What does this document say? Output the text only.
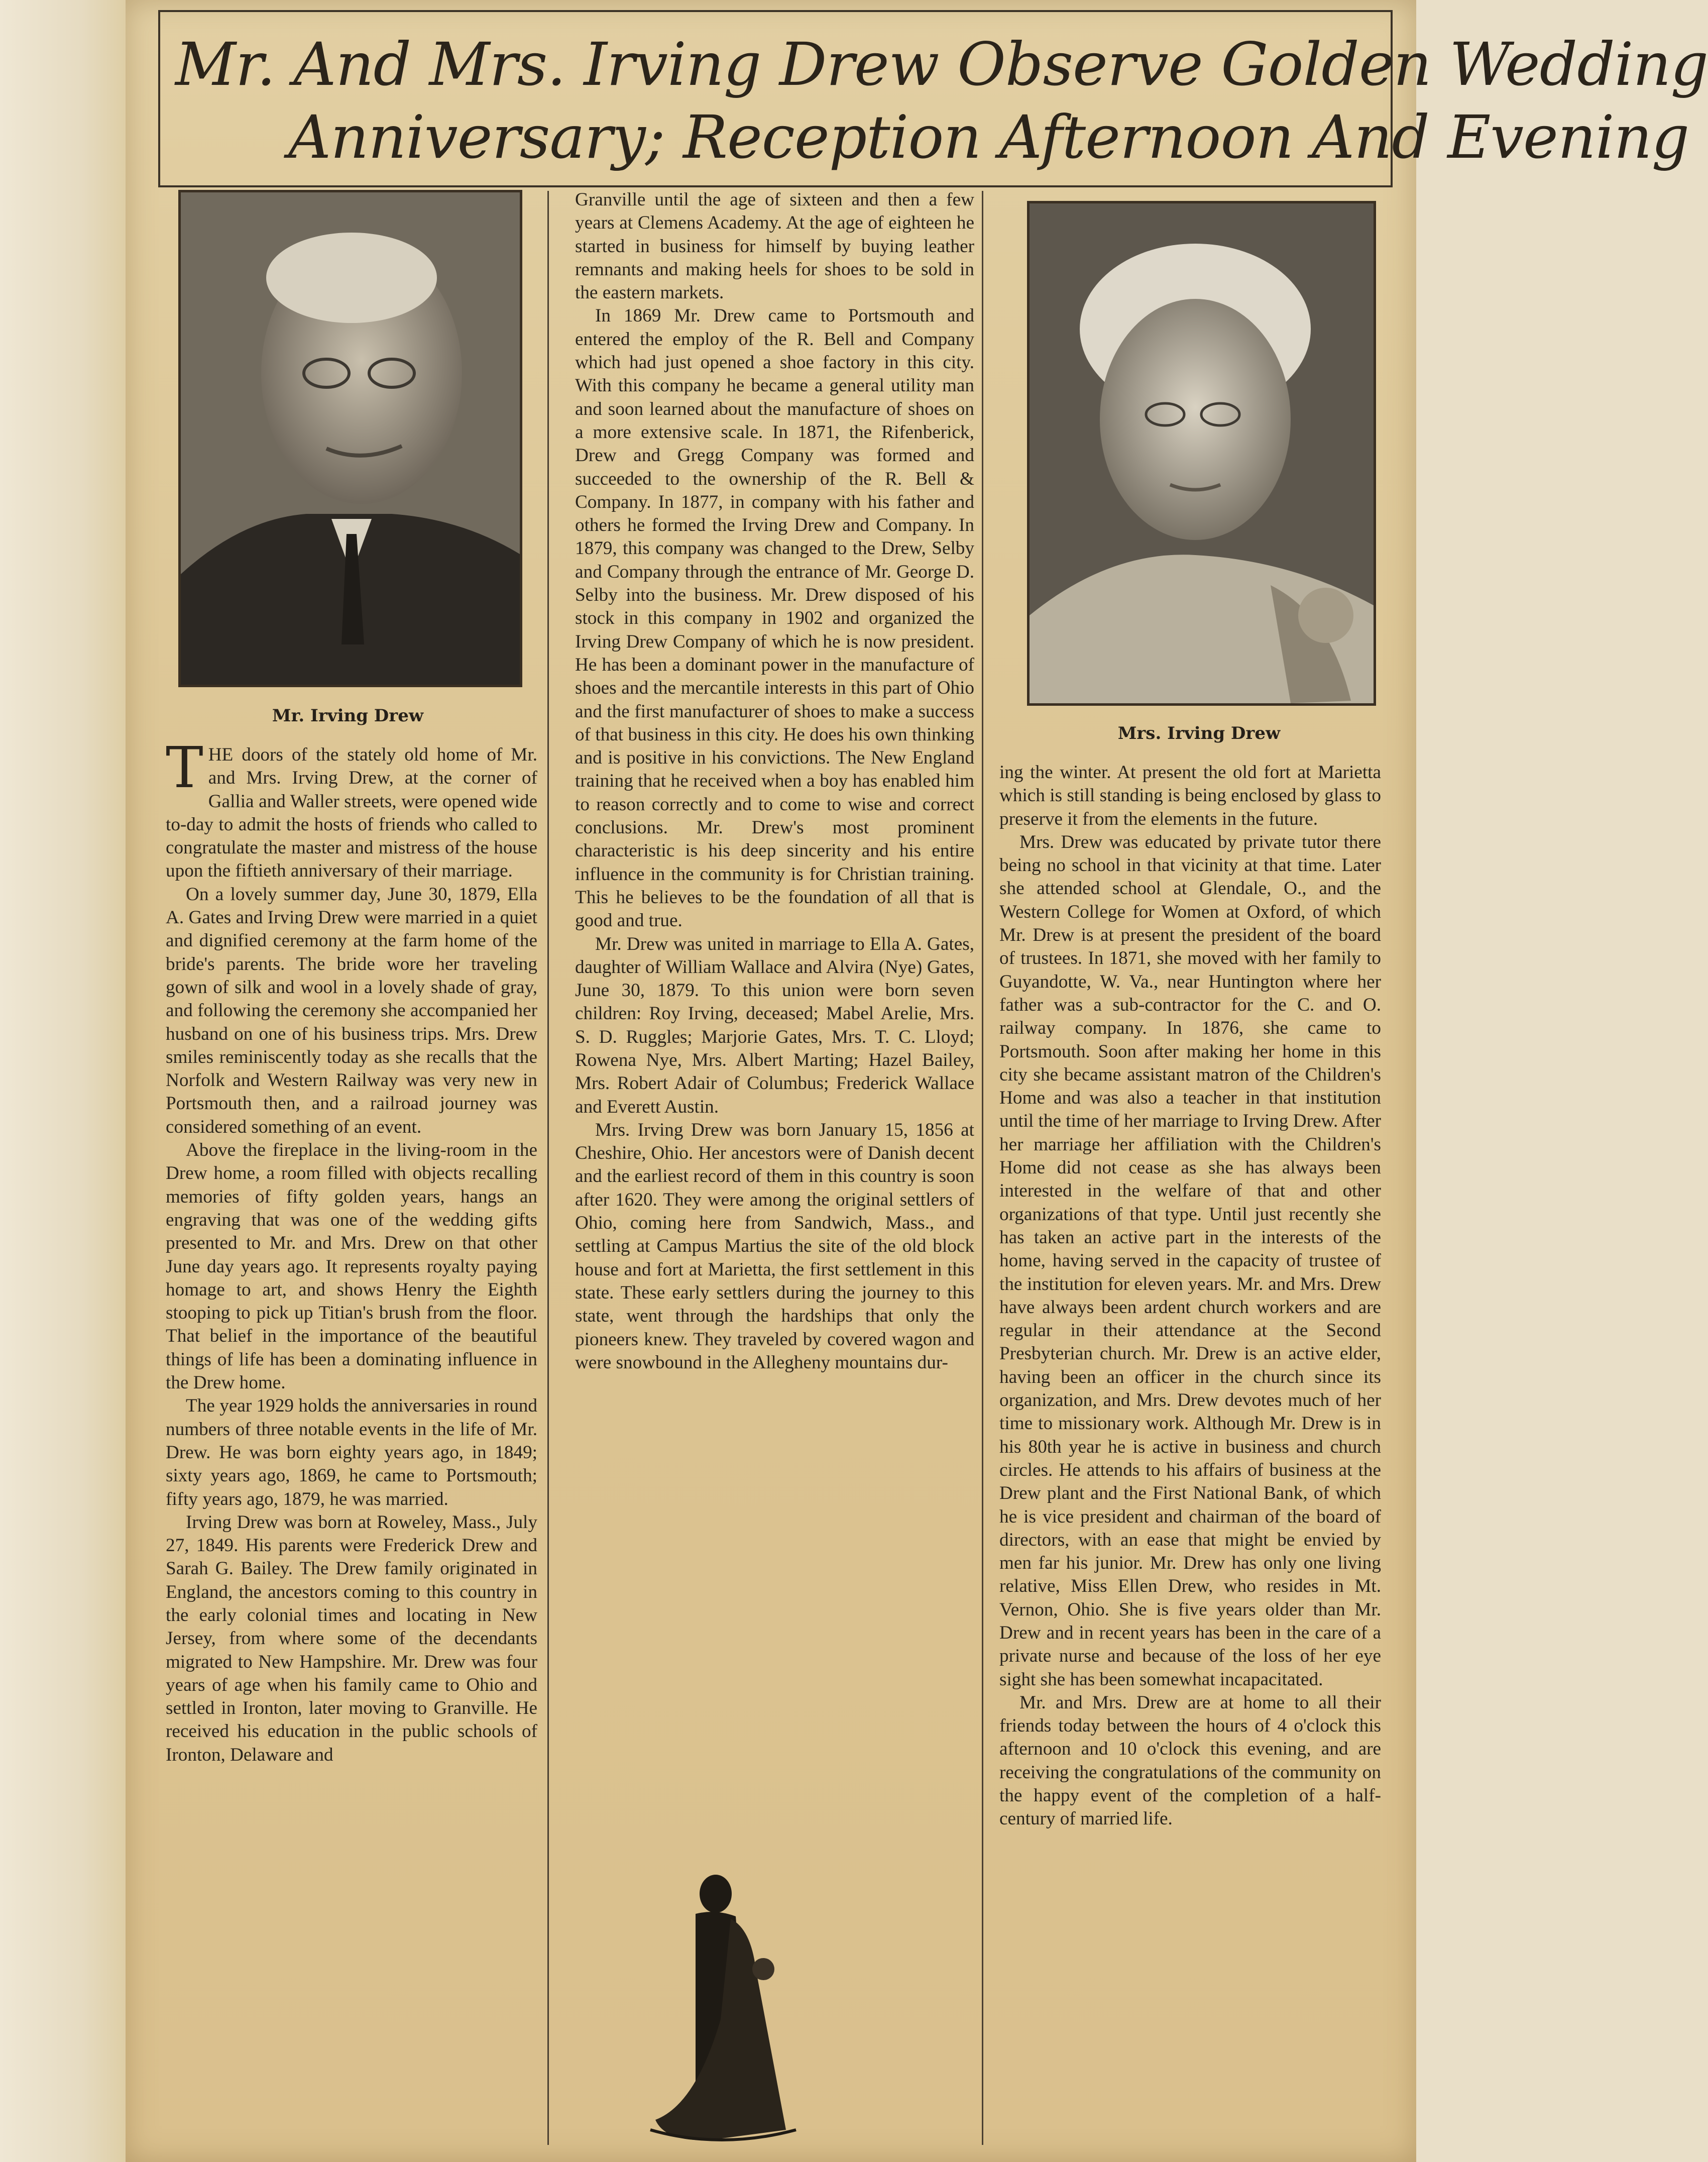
Mr. And Mrs. Irving Drew Observe Golden Wedding
Anniversary; Reception Afternoon And Evening
Mr. Irving Drew
Mrs. Irving Drew

THE doors of the stately old home of Mr. and Mrs. Irving Drew, at the corner of Gallia and Waller streets, were opened wide to-day to admit the hosts of friends who called to congratulate the master and mistress of the house upon the fiftieth anniversary of their marriage.

On a lovely summer day, June 30, 1879, Ella A. Gates and Irving Drew were married in a quiet and dignified ceremony at the farm home of the bride's parents. The bride wore her traveling gown of silk and wool in a lovely shade of gray, and following the ceremony she accompanied her husband on one of his business trips. Mrs. Drew smiles reminiscently today as she recalls that the Norfolk and Western Railway was very new in Portsmouth then, and a railroad journey was considered something of an event.

Above the fireplace in the living-room in the Drew home, a room filled with objects recalling memories of fifty golden years, hangs an engraving that was one of the wedding gifts presented to Mr. and Mrs. Drew on that other June day years ago. It represents royalty paying homage to art, and shows Henry the Eighth stooping to pick up Titian's brush from the floor. That belief in the importance of the beautiful things of life has been a dominating influence in the Drew home.

The year 1929 holds the anniversaries in round numbers of three notable events in the life of Mr. Drew. He was born eighty years ago, in 1849; sixty years ago, 1869, he came to Portsmouth; fifty years ago, 1879, he was married.

Irving Drew was born at Roweley, Mass., July 27, 1849. His parents were Frederick Drew and Sarah G. Bailey. The Drew family originated in England, the ancestors coming to this country in the early colonial times and locating in New Jersey, from where some of the decendants migrated to New Hampshire. Mr. Drew was four years of age when his family came to Ohio and settled in Ironton, later moving to Granville. He received his education in the public schools of Ironton, Delaware and

Granville until the age of sixteen and then a few years at Clemens Academy. At the age of eighteen he started in business for himself by buying leather remnants and making heels for shoes to be sold in the eastern markets.

In 1869 Mr. Drew came to Portsmouth and entered the employ of the R. Bell and Company which had just opened a shoe factory in this city. With this company he became a general utility man and soon learned about the manufacture of shoes on a more extensive scale. In 1871, the Rifenberick, Drew and Gregg Company was formed and succeeded to the ownership of the R. Bell & Company. In 1877, in company with his father and others he formed the Irving Drew and Company. In 1879, this company was changed to the Drew, Selby and Company through the entrance of Mr. George D. Selby into the business. Mr. Drew disposed of his stock in this company in 1902 and organized the Irving Drew Company of which he is now president. He has been a dominant power in the manufacture of shoes and the mercantile interests in this part of Ohio and the first manufacturer of shoes to make a success of that business in this city. He does his own thinking and is positive in his convictions. The New England training that he received when a boy has enabled him to reason correctly and to come to wise and correct conclusions. Mr. Drew's most prominent characteristic is his deep sincerity and his entire influence in the community is for Christian training. This he believes to be the foundation of all that is good and true.

Mr. Drew was united in marriage to Ella A. Gates, daughter of William Wallace and Alvira (Nye) Gates, June 30, 1879. To this union were born seven children: Roy Irving, deceased; Mabel Arelie, Mrs. S. D. Ruggles; Marjorie Gates, Mrs. T. C. Lloyd; Rowena Nye, Mrs. Albert Marting; Hazel Bailey, Mrs. Robert Adair of Columbus; Frederick Wallace and Everett Austin.

Mrs. Irving Drew was born January 15, 1856 at Cheshire, Ohio. Her ancestors were of Danish decent and the earliest record of them in this country is soon after 1620. They were among the original settlers of Ohio, coming here from Sandwich, Mass., and settling at Campus Martius the site of the old block house and fort at Marietta, the first settlement in this state. These early settlers during the journey to this state, went through the hardships that only the pioneers knew. They traveled by covered wagon and were snowbound in the Allegheny mountains dur-

ing the winter. At present the old fort at Marietta which is still standing is being enclosed by glass to preserve it from the elements in the future.

Mrs. Drew was educated by private tutor there being no school in that vicinity at that time. Later she attended school at Glendale, O., and the Western College for Women at Oxford, of which Mr. Drew is at present the president of the board of trustees. In 1871, she moved with her family to Guyandotte, W. Va., near Huntington where her father was a sub-contractor for the C. and O. railway company. In 1876, she came to Portsmouth. Soon after making her home in this city she became assistant matron of the Children's Home and was also a teacher in that institution until the time of her marriage to Irving Drew. After her marriage her affiliation with the Children's Home did not cease as she has always been interested in the welfare of that and other organizations of that type. Until just recently she has taken an active part in the interests of the home, having served in the capacity of trustee of the institution for eleven years. Mr. and Mrs. Drew have always been ardent church workers and are regular in their attendance at the Second Presbyterian church. Mr. Drew is an active elder, having been an officer in the church since its organization, and Mrs. Drew devotes much of her time to missionary work. Although Mr. Drew is in his 80th year he is active in business and church circles. He attends to his affairs of business at the Drew plant and the First National Bank, of which he is vice president and chairman of the board of directors, with an ease that might be envied by men far his junior. Mr. Drew has only one living relative, Miss Ellen Drew, who resides in Mt. Vernon, Ohio. She is five years older than Mr. Drew and in recent years has been in the care of a private nurse and because of the loss of her eye sight she has been somewhat incapacitated.

Mr. and Mrs. Drew are at home to all their friends today between the hours of 4 o'clock this afternoon and 10 o'clock this evening, and are receiving the congratulations of the community on the happy event of the completion of a half-century of married life.
